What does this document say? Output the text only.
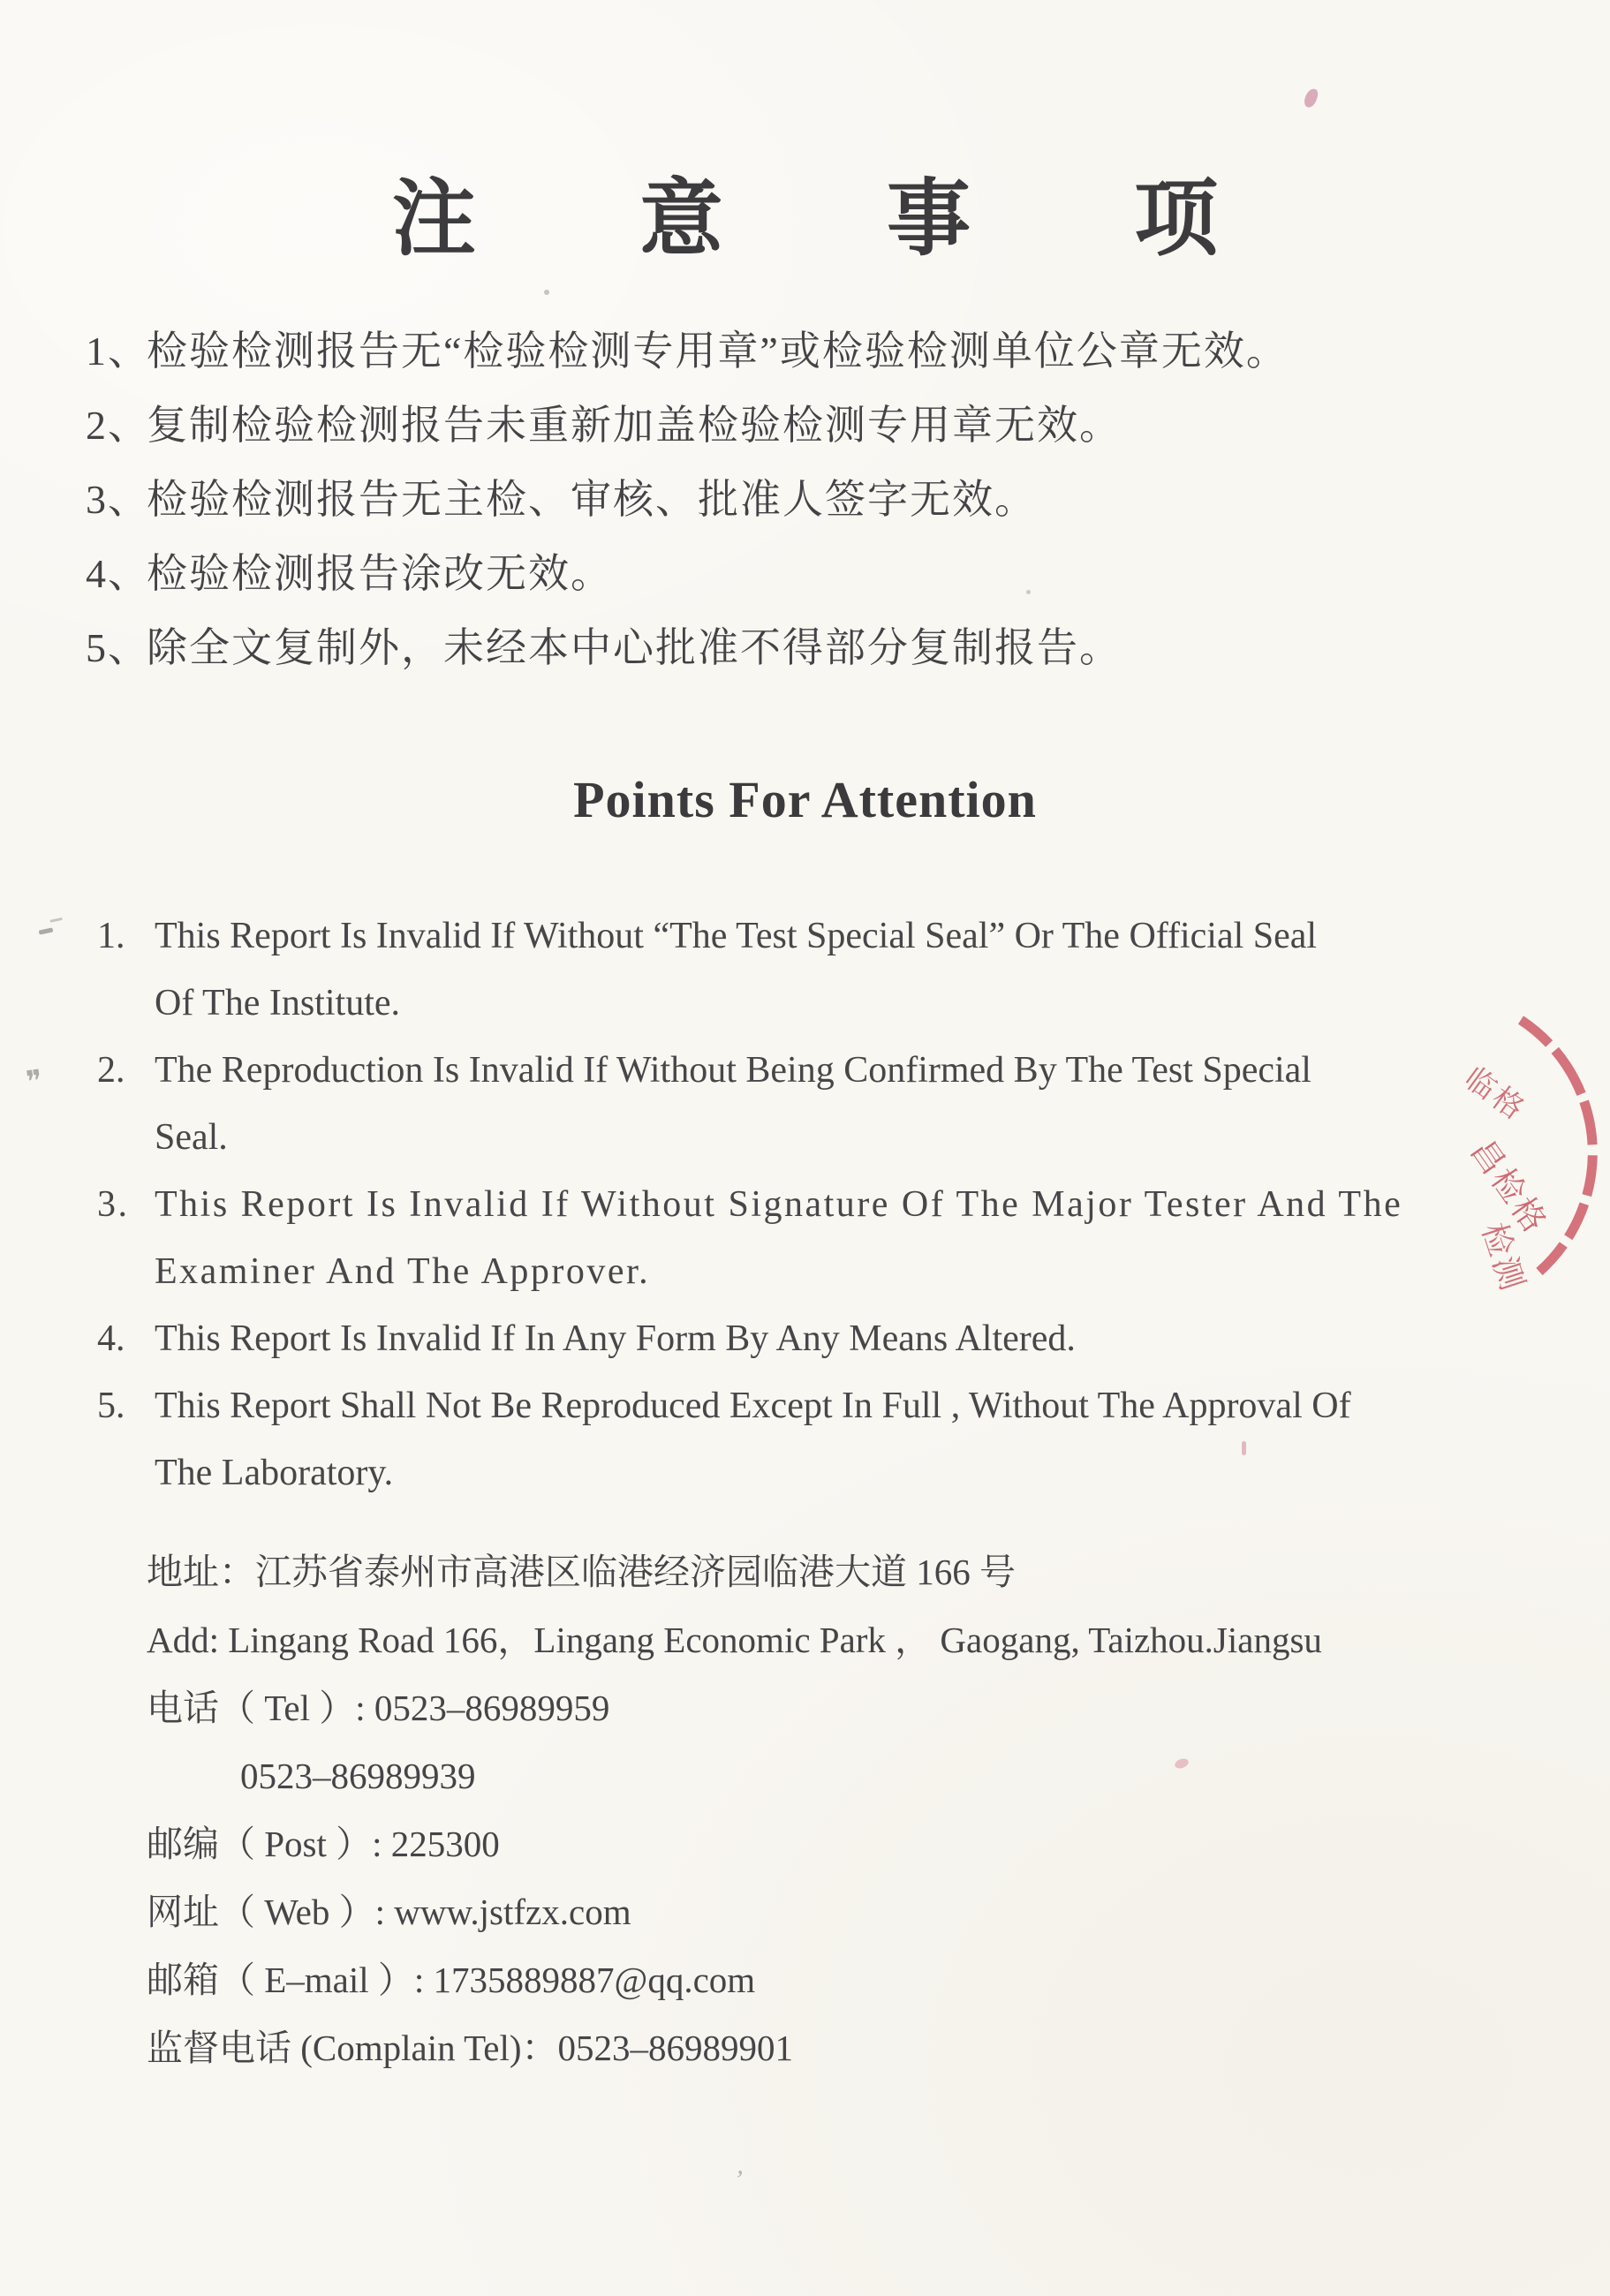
注 意 事 项
1、检验检测报告无“检验检测专用章”或检验检测单位公章无效。
2、复制检验检测报告未重新加盖检验检测专用章无效。
3、检验检测报告无主检、审核、批准人签字无效。
4、检验检测报告涂改无效。
5、除全文复制外，未经本中心批准不得部分复制报告。
Points For Attention
1. This Report Is Invalid If Without “The Test Special Seal” Or The Official Seal
Of The Institute.
2. The Reproduction Is Invalid If Without Being Confirmed By The Test Special
Seal.
3. This Report Is Invalid If Without Signature Of The Major Tester And The
Examiner And The Approver.
4. This Report Is Invalid If In Any Form By Any Means Altered.
5. This Report Shall Not Be Reproduced Except In Full , Without The Approval Of
The Laboratory.
地址：江苏省泰州市高港区临港经济园临港大道 166 号
Add: Lingang Road 166，Lingang Economic Park ， Gaogang, Taizhou.Jiangsu
电话（ Tel ）: 0523–86989959
0523–86989939
邮编（ Post ）: 225300
网址（ Web ）: www.jstfzx.com
邮箱（ E–mail ）: 1735889887@qq.com
监督电话 (Complain Tel)：0523–86989901
临格
昌检格
检测
❞
ʼ
